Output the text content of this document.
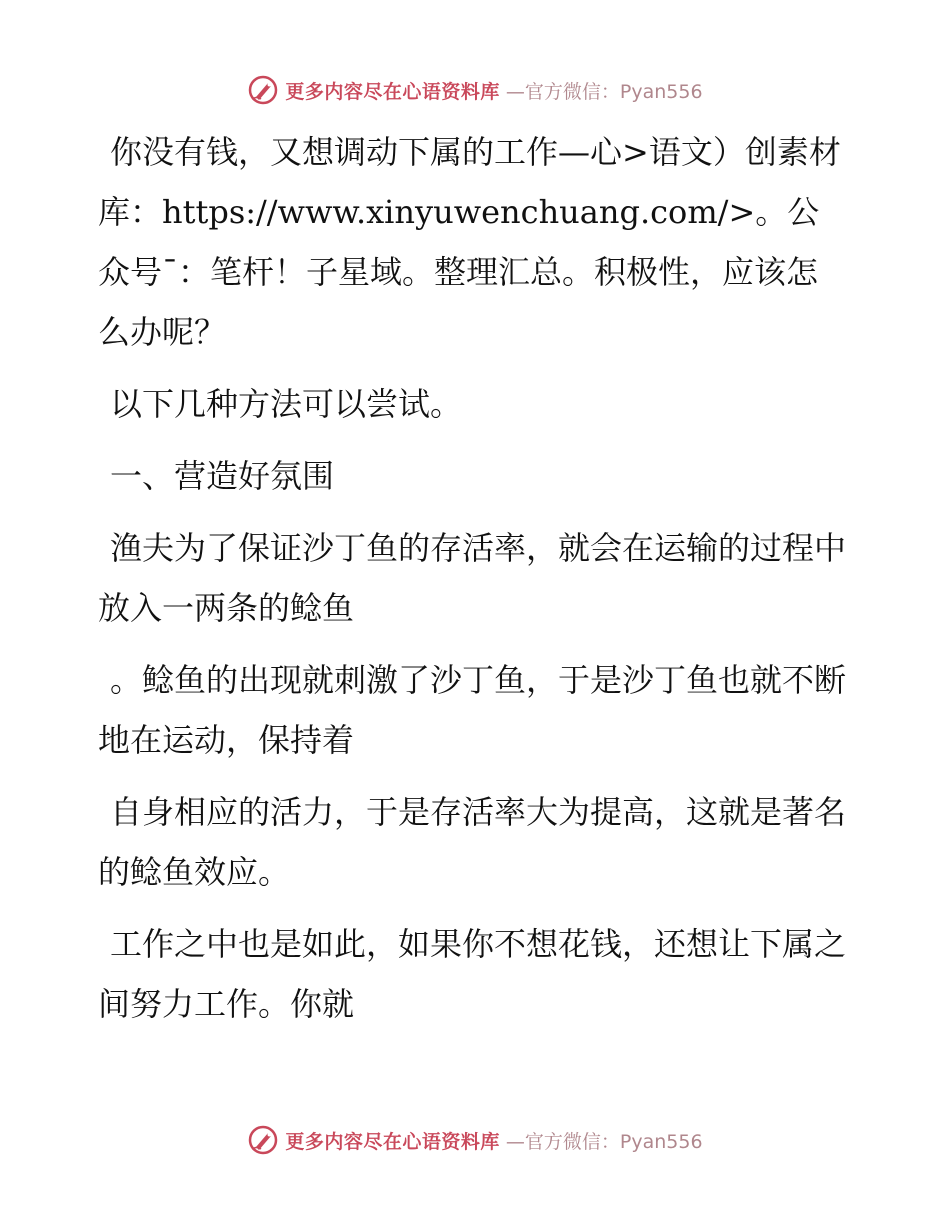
更多内容尽在心语资料库 —官方微信：Pyan556

你没有钱，又想调动下属的工作—心>语文）创素材库：https://www.xinyuwenchuang.com/>。公众号¯：笔杆！子星域。整理汇总。积极性，应该怎么办呢？

以下几种方法可以尝试。

一、营造好氛围

渔夫为了保证沙丁鱼的存活率，就会在运输的过程中放入一两条的鲶鱼

。鲶鱼的出现就刺激了沙丁鱼，于是沙丁鱼也就不断地在运动，保持着

自身相应的活力，于是存活率大为提高，这就是著名的鲶鱼效应。

工作之中也是如此，如果你不想花钱，还想让下属之间努力工作。你就

更多内容尽在心语资料库 —官方微信：Pyan556
